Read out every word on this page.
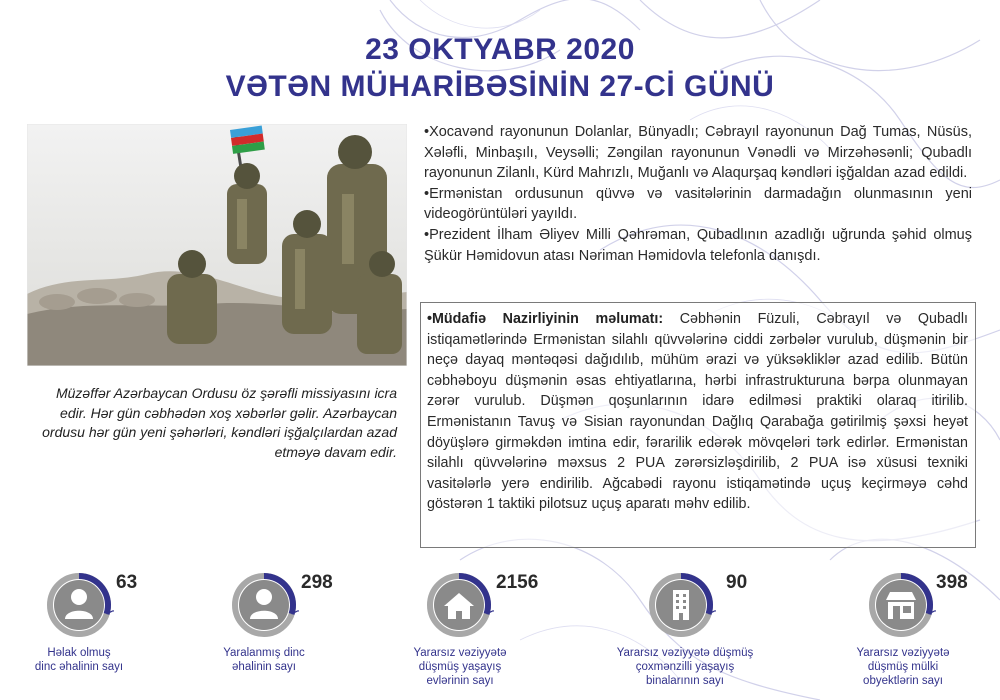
23 OKTYABR 2020
VƏTƏN MÜHARİBƏSİNİN 27-Cİ GÜNÜ
Müzəffər Azərbaycan Ordusu öz şərəfli missiyasını icra edir. Hər gün cəbhədən xoş xəbərlər gəlir. Azərbaycan ordusu hər gün yeni şəhərləri, kəndləri işğalçılardan azad etməyə davam edir.

•Xocavənd rayonunun Dolanlar, Bünyadlı; Cəbrayıl rayonunun Dağ Tumas, Nüsüs, Xələfli, Minbaşılı, Veysəlli; Zəngilan rayonunun Vənədli və Mirzəhəsənli; Qubadlı rayonunun Zilanlı, Kürd Mahrızlı, Muğanlı və Alaqurşaq kəndləri işğaldan azad edildi.

•Ermənistan ordusunun qüvvə və vasitələrinin darmadağın olunmasının yeni videogörüntüləri yayıldı.

•Prezident İlham Əliyev Milli Qəhrəman, Qubadlının azadlığı uğrunda şəhid olmuş Şükür Həmidovun atası Nəriman Həmidovla telefonla danışdı.

•Müdafiə Nazirliyinin məlumatı: Cəbhənin Füzuli, Cəbrayıl və Qubadlı istiqamətlərində Ermənistan silahlı qüvvələrinə ciddi zərbələr vurulub, düşmənin bir neçə dayaq məntəqəsi dağıdılıb, mühüm ərazi və yüksəkliklər azad edilib. Bütün cəbhəboyu düşmənin əsas ehtiyatlarına, hərbi infrastrukturuna bərpa olunmayan zərər vurulub. Düşmən qoşunlarının idarə edilməsi praktiki olaraq itirilib. Ermənistanın Tavuş və Sisian rayonundan Dağlıq Qarabağa gətirilmiş şəxsi heyət döyüşlərə girməkdən imtina edir, fərarilik edərək mövqeləri tərk edirlər. Ermənistan silahlı qüvvələrinə məxsus 2 PUA zərərsizləşdirilib, 2 PUA isə xüsusi texniki vasitələrlə yerə endirilib. Ağcabədi rayonu istiqamətində uçuş keçirməyə cəhd göstərən 1 taktiki pilotsuz uçuş aparatı məhv edilib.
63
Həlak olmuş
dinc əhalinin sayı
298
Yaralanmış dinc
əhalinin sayı
2156
Yararsız vəziyyətə
düşmüş yaşayış
evlərinin sayı
90
Yararsız vəziyyətə düşmüş
çoxmənzilli yaşayış
binalarının sayı
398
Yararsız vəziyyətə
düşmüş mülki
obyektlərin sayı
